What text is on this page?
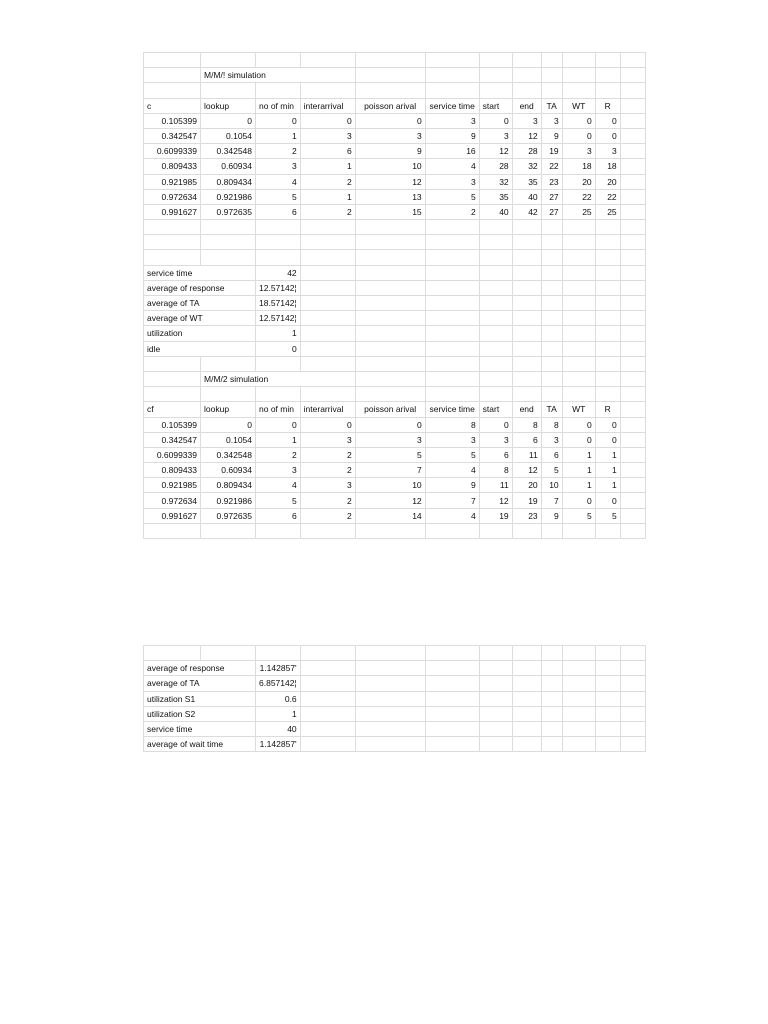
	M/M/! simulation										

c	lookup	no of min	interarrival	poisson arival	service time	start	end	TA	WT	R	
0.105399	0	0	0	0	3	0	3	3	0	0	
0.342547	0.1054	1	3	3	9	3	12	9	0	0	
0.6099339	0.342548	2	6	9	16	12	28	19	3	3	
0.809433	0.60934	3	1	10	4	28	32	22	18	18	
0.921985	0.809434	4	2	12	3	32	35	23	20	20	
0.972634	0.921986	5	1	13	5	35	40	27	22	22	
0.991627	0.972635	6	2	15	2	40	42	27	25	25	

service time		42									
average of response		12.57142¦									
average of TA		18.57142¦									
average of WT		12.57142¦									
utilization		1									
idle		0									

	M/M/2 simulation										

cf	lookup	no of min	interarrival	poisson arival	service time	start	end	TA	WT	R	
0.105399	0	0	0	0	8	0	8	8	0	0	
0.342547	0.1054	1	3	3	3	3	6	3	0	0	
0.6099339	0.342548	2	2	5	5	6	11	6	1	1	
0.809433	0.60934	3	2	7	4	8	12	5	1	1	
0.921985	0.809434	4	3	10	9	11	20	10	1	1	
0.972634	0.921986	5	2	12	7	12	19	7	0	0	
0.991627	0.972635	6	2	14	4	19	23	9	5	5	

average of response		1.142857'									
average of TA		6.857142¦									
utilization S1		0.6									
utilization S2		1									
service time		40									
average of wait time		1.142857'									
